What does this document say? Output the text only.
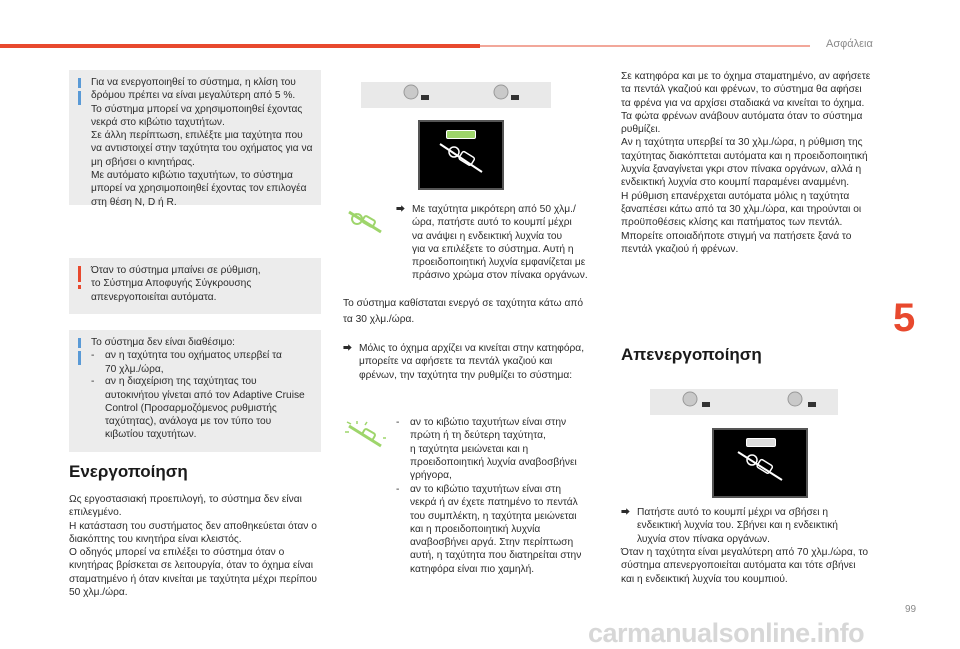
Ασφάλεια
5
99

Για να ενεργοποιηθεί το σύστημα, η κλίση του

δρόμου πρέπει να είναι μεγαλύτερη από 5 %.

Το σύστημα μπορεί να χρησιμοποιηθεί έχοντας

νεκρά στο κιβώτιο ταχυτήτων.

Σε άλλη περίπτωση, επιλέξτε μια ταχύτητα που

να αντιστοιχεί στην ταχύτητα του οχήματος για να

μη σβήσει ο κινητήρας.

Με αυτόματο κιβώτιο ταχυτήτων, το σύστημα

μπορεί να χρησιμοποιηθεί έχοντας τον επιλογέα

στη θέση N, D ή R.

Όταν το σύστημα μπαίνει σε ρύθμιση,

το Σύστημα Αποφυγής Σύγκρουσης

απενεργοποιείται αυτόματα.

Το σύστημα δεν είναι διαθέσιμο:

- αν η ταχύτητα του οχήματος υπερβεί τα

70 χλμ./ώρα,

- αν η διαχείριση της ταχύτητας του

αυτοκινήτου γίνεται από τον Adaptive Cruise

Control (Προσαρμοζόμενος ρυθμιστής

ταχύτητας), ανάλογα με τον τύπο του

κιβωτίου ταχυτήτων.

Ενεργοποίηση

Ως εργοστασιακή προεπιλογή, το σύστημα δεν είναι

επιλεγμένο.

Η κατάσταση του συστήματος δεν αποθηκεύεται όταν ο

διακόπτης του κινητήρα είναι κλειστός.

Ο οδηγός μπορεί να επιλέξει το σύστημα όταν ο

κινητήρας βρίσκεται σε λειτουργία, όταν το όχημα είναι

σταματημένο ή όταν κινείται με ταχύτητα μέχρι περίπου

50 χλμ./ώρα.

⮕ Με ταχύτητα μικρότερη από 50 χλμ./
ώρα, πατήστε αυτό το κουμπί μέχρι
να ανάψει η ενδεικτική λυχνία του
για να επιλέξετε το σύστημα. Αυτή η
προειδοποιητική λυχνία εμφανίζεται με
πράσινο χρώμα στον πίνακα οργάνων.

Το σύστημα καθίσταται ενεργό σε ταχύτητα κάτω από

τα 30 χλμ./ώρα.

⮕ Μόλις το όχημα αρχίζει να κινείται στην κατηφόρα,
μπορείτε να αφήσετε τα πεντάλ γκαζιού και
φρένων, την ταχύτητα την ρυθμίζει το σύστημα:
- αν το κιβώτιο ταχυτήτων είναι στην
πρώτη ή τη δεύτερη ταχύτητα,
η ταχύτητα μειώνεται και η
προειδοποιητική λυχνία αναβοσβήνει
γρήγορα,
- αν το κιβώτιο ταχυτήτων είναι στη
νεκρά ή αν έχετε πατημένο το πεντάλ
του συμπλέκτη, η ταχύτητα μειώνεται
και η προειδοποιητική λυχνία
αναβοσβήνει αργά. Στην περίπτωση
αυτή, η ταχύτητα που διατηρείται στην
κατηφόρα είναι πιο χαμηλή.

Σε κατηφόρα και με το όχημα σταματημένο, αν αφήσετε

τα πεντάλ γκαζιού και φρένων, το σύστημα θα αφήσει

τα φρένα για να αρχίσει σταδιακά να κινείται το όχημα.

Τα φώτα φρένων ανάβουν αυτόματα όταν το σύστημα

ρυθμίζει.

Αν η ταχύτητα υπερβεί τα 30 χλμ./ώρα, η ρύθμιση της

ταχύτητας διακόπτεται αυτόματα και η προειδοποιητική

λυχνία ξαναγίνεται γκρι στον πίνακα οργάνων, αλλά η

ενδεικτική λυχνία στο κουμπί παραμένει αναμμένη.

Η ρύθμιση επανέρχεται αυτόματα μόλις η ταχύτητα

ξαναπέσει κάτω από τα 30 χλμ./ώρα, και τηρούνται οι

προϋποθέσεις κλίσης και πατήματος των πεντάλ.

Μπορείτε οποιαδήποτε στιγμή να πατήσετε ξανά το

πεντάλ γκαζιού ή φρένων.

Απενεργοποίηση
⮕ Πατήστε αυτό το κουμπί μέχρι να σβήσει η
ενδεικτική λυχνία του. Σβήνει και η ενδεικτική
λυχνία στον πίνακα οργάνων.

Όταν η ταχύτητα είναι μεγαλύτερη από 70 χλμ./ώρα, το

σύστημα απενεργοποιείται αυτόματα και τότε σβήνει

και η ενδεικτική λυχνία του κουμπιού.

carmanualsonline.info
